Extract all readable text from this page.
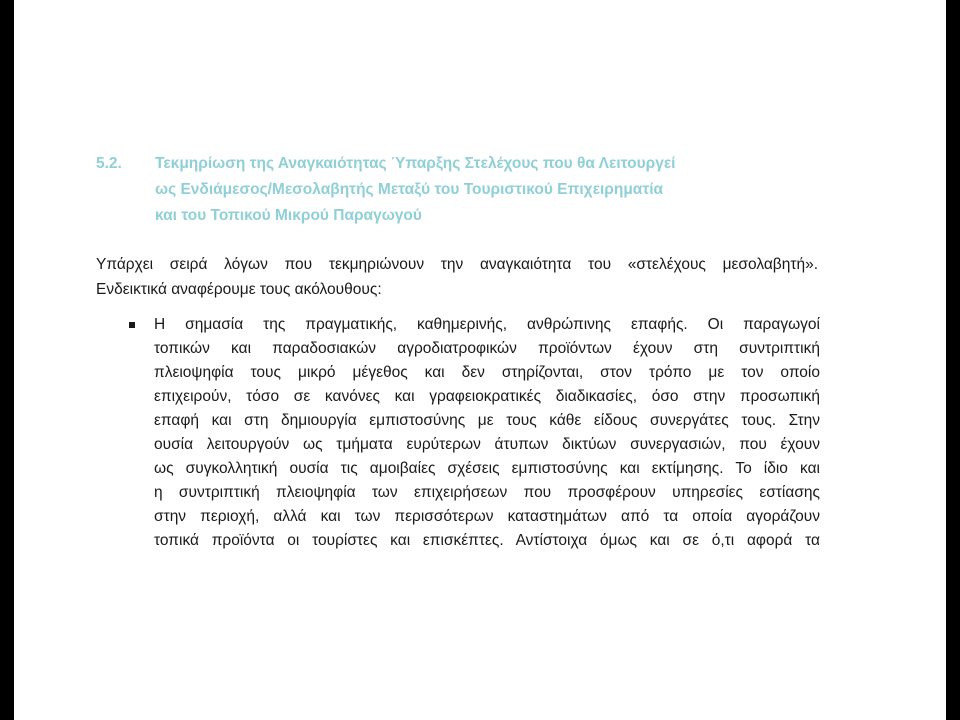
5.2. Τεκμηρίωση της Αναγκαιότητας Ύπαρξης Στελέχους που θα Λειτουργεί
ως Ενδιάμεσος/Μεσολαβητής Μεταξύ του Τουριστικού Επιχειρηματία
και του Τοπικού Μικρού Παραγωγού
Υπάρχει σειρά λόγων που τεκμηριώνουν την αναγκαιότητα του «στελέχους μεσολαβητή».
Ενδεικτικά αναφέρουμε τους ακόλουθους:
Η σημασία της πραγματικής, καθημερινής, ανθρώπινης επαφής. Οι παραγωγοί
τοπικών και παραδοσιακών αγροδιατροφικών προϊόντων έχουν στη συντριπτική
πλειοψηφία τους μικρό μέγεθος και δεν στηρίζονται, στον τρόπο με τον οποίο
επιχειρούν, τόσο σε κανόνες και γραφειοκρατικές διαδικασίες, όσο στην προσωπική
επαφή και στη δημιουργία εμπιστοσύνης με τους κάθε είδους συνεργάτες τους. Στην
ουσία λειτουργούν ως τμήματα ευρύτερων άτυπων δικτύων συνεργασιών, που έχουν
ως συγκολλητική ουσία τις αμοιβαίες σχέσεις εμπιστοσύνης και εκτίμησης. Το ίδιο και
η συντριπτική πλειοψηφία των επιχειρήσεων που προσφέρουν υπηρεσίες εστίασης
στην περιοχή, αλλά και των περισσότερων καταστημάτων από τα οποία αγοράζουν
τοπικά προϊόντα οι τουρίστες και επισκέπτες. Αντίστοιχα όμως και σε ό,τι αφορά τα
